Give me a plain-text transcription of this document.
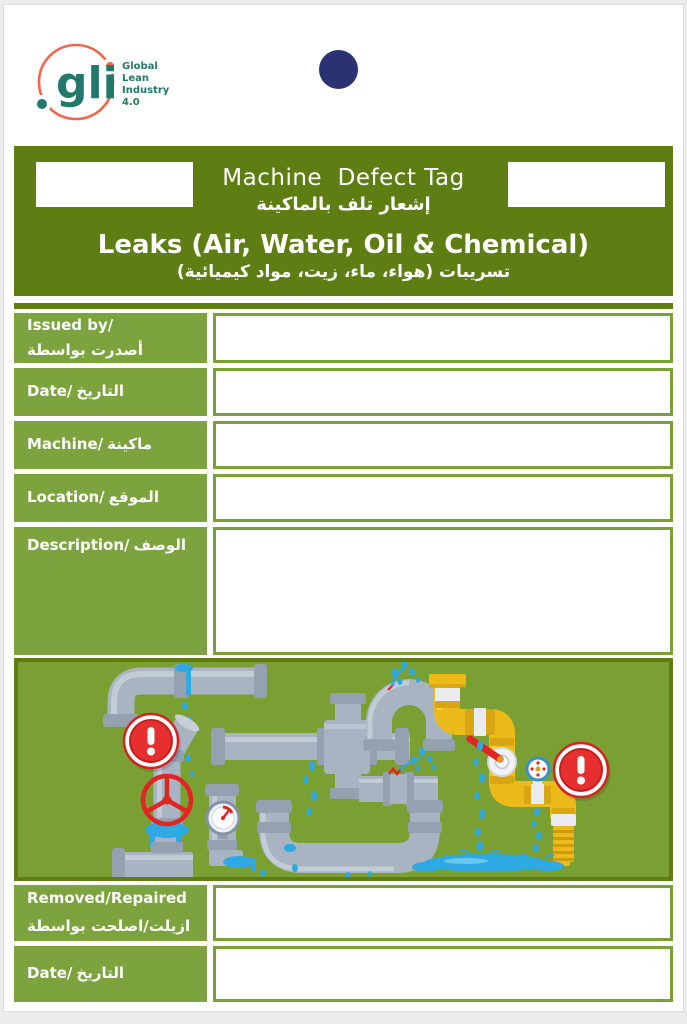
gli Global
Lean
Industry
4.0
Machine  Defect Tag
إشعار تلف بالماكينة
Leaks (Air, Water, Oil & Chemical)
تسريبات (هواء، ماء، زيت، مواد كيميائية)
Issued by/
أصدرت بواسطة
Date/ التاريخ
Machine/ ماكينة
Location/ الموقع
Description/ الوصف
Removed/Repaired
ازيلت/اصلحت بواسطة
Date/ التاريخ
